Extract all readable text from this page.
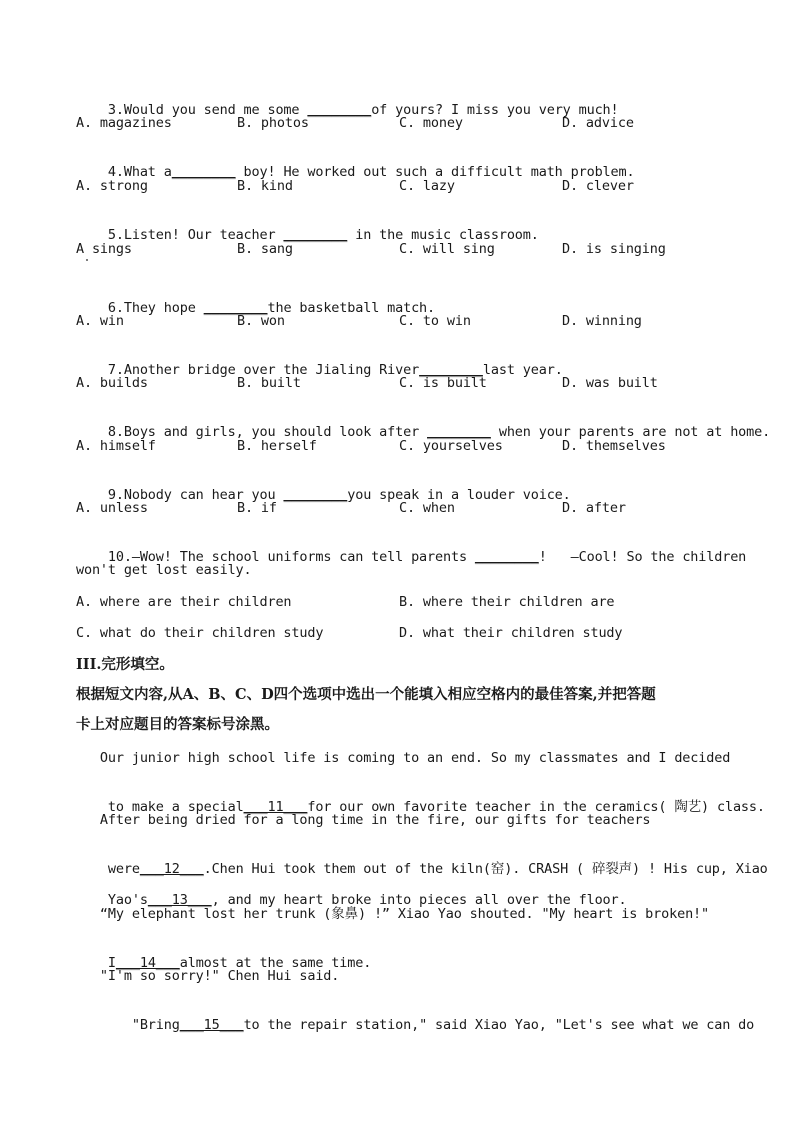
3.Would you send me some ________of yours? I miss you very much!

A. magazines	B. photos	C. money	D. advice

4.What a________ boy! He worked out such a difficult math problem.

A. strong	B. kind	C. lazy	D. clever

5.Listen! Our teacher ________ in the music classroom.

A sings	B. sang	C. will sing	D. is singing

6.They hope ________the basketball match.

A. win	B. won	C. to win	D. winning

7.Another bridge over the Jialing River________last year.

A. builds	B. built	C. is built	D. was built

8.Boys and girls, you should look after ________ when your parents are not at home.

A. himself	B. herself	C. yourselves	D. themselves

9.Nobody can hear you ________you speak in a louder voice.

A. unless	B. if	C. when	D. after

10.—Wow! The school uniforms can tell parents ________!   —Cool! So the children

won't get lost easily.
A. where are their children	B. where their children are
C. what do their children study	D. what their children study
III.完形填空。
根据短文内容,从A、B、C、D四个选项中选出一个能填入相应空格内的最佳答案,并把答题
卡上对应题目的答案标号涂黑。
Our junior high school life is coming to an end. So my classmates and I decided

to make a special___11___for our own favorite teacher in the ceramics( 陶艺) class.

After being dried for a long time in the fire, our gifts for teachers

were___12___.Chen Hui took them out of the kiln(窑). CRASH ( 碎裂声) ! His cup, Xiao

Yao's___13___, and my heart broke into pieces all over the floor.

“My elephant lost her trunk (象鼻) !” Xiao Yao shouted. "My heart is broken!"

I___14___almost at the same time.

"I'm so sorry!" Chen Hui said.

"Bring___15___to the repair station," said Xiao Yao, "Let's see what we can do
